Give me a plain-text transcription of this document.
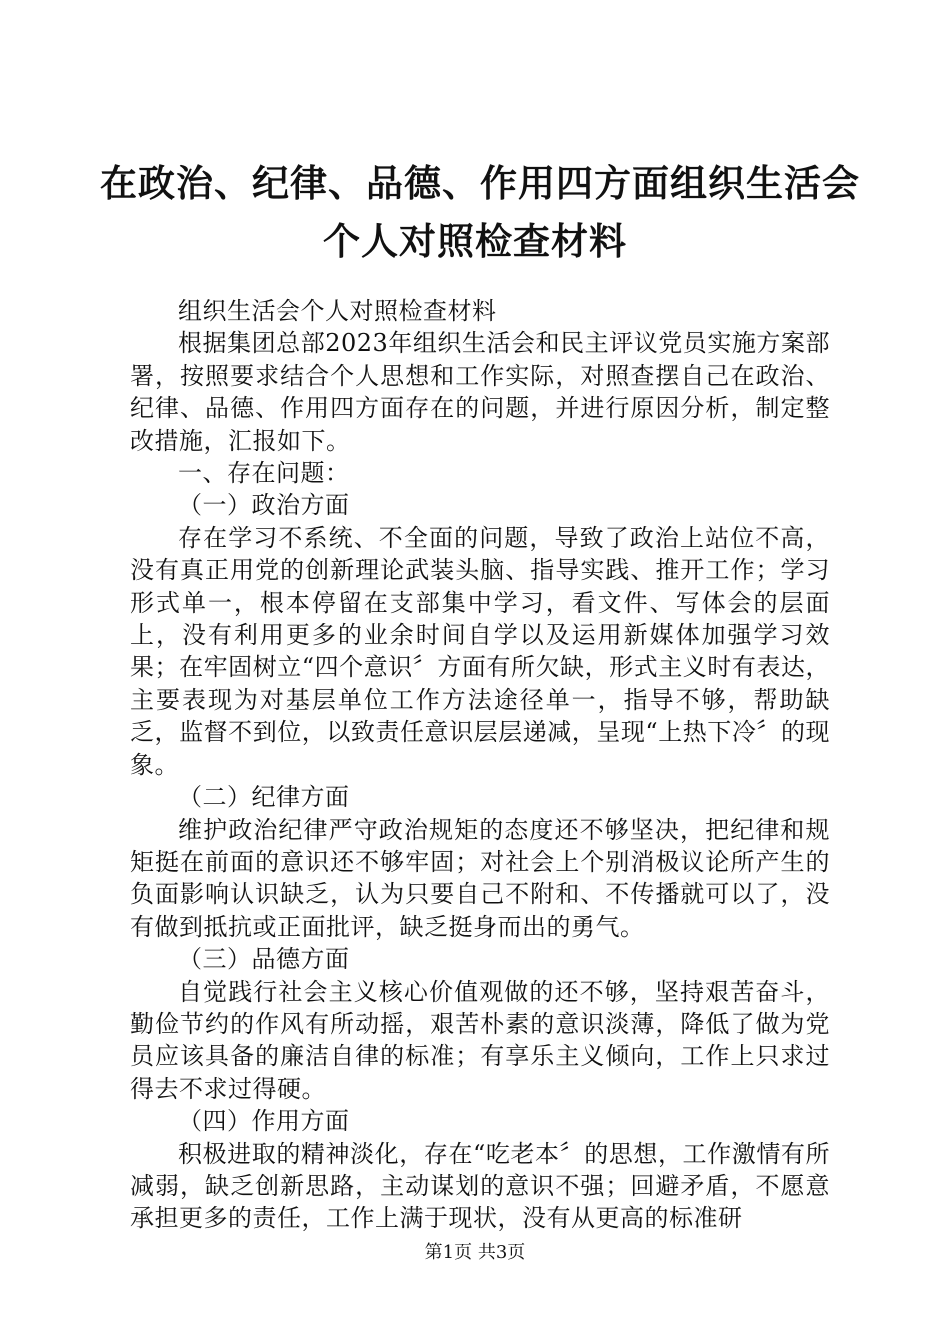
在政治、纪律、品德、作用四方面组织生活会
个人对照检查材料

组织生活会个人对照检查材料

根据集团总部2023年组织生活会和民主评议党员实施方案部署，按照要求结合个人思想和工作实际，对照查摆自己在政治、纪律、品德、作用四方面存在的问题，并进行原因分析，制定整改措施，汇报如下。

一、存在问题：

（一）政治方面

存在学习不系统、不全面的问题，导致了政治上站位不高，没有真正用党的创新理论武装头脑、指导实践、推开工作；学习形式单一，根本停留在支部集中学习，看文件、写体会的层面上，没有利用更多的业余时间自学以及运用新媒体加强学习效果；在牢固树立“四个意识〞方面有所欠缺，形式主义时有表达，主要表现为对基层单位工作方法途径单一，指导不够，帮助缺乏，监督不到位，以致责任意识层层递减，呈现“上热下冷〞的现象。

（二）纪律方面

维护政治纪律严守政治规矩的态度还不够坚决，把纪律和规矩挺在前面的意识还不够牢固；对社会上个别消极议论所产生的负面影响认识缺乏，认为只要自己不附和、不传播就可以了，没有做到抵抗或正面批评，缺乏挺身而出的勇气。

（三）品德方面

自觉践行社会主义核心价值观做的还不够，坚持艰苦奋斗，勤俭节约的作风有所动摇，艰苦朴素的意识淡薄，降低了做为党员应该具备的廉洁自律的标准；有享乐主义倾向，工作上只求过得去不求过得硬。

（四）作用方面

积极进取的精神淡化，存在“吃老本〞的思想，工作激情有所减弱，缺乏创新思路，主动谋划的意识不强；回避矛盾，不愿意承担更多的责任，工作上满于现状，没有从更高的标准研

第1页 共3页
